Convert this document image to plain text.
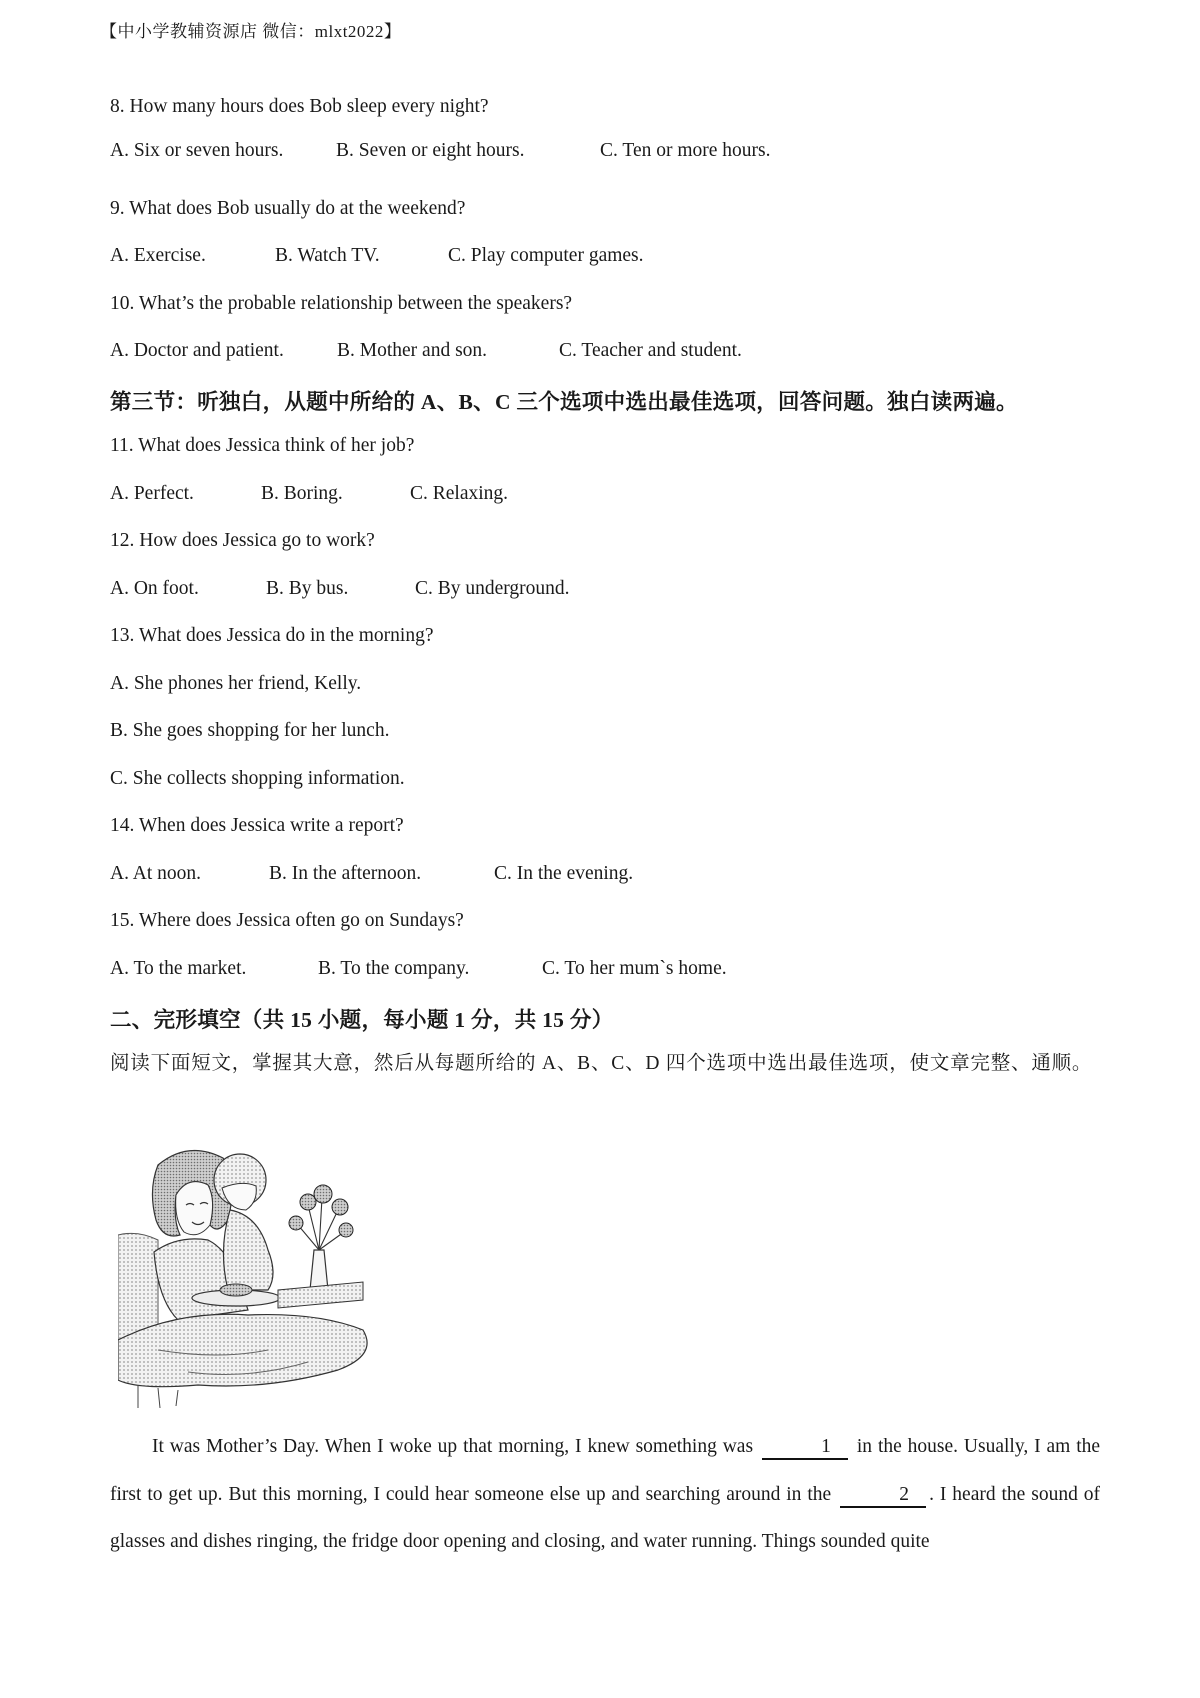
【中小学教辅资源店 微信：mlxt2022】
8. How many hours does Bob sleep every night?
A. Six or seven hours.	B. Seven or eight hours.	C. Ten or more hours.
9. What does Bob usually do at the weekend?
A. Exercise.	B. Watch TV.	C. Play computer games.
10. What’s the probable relationship between the speakers?
A. Doctor and patient.	B. Mother and son.	C. Teacher and student.
第三节：听独白，从题中所给的 A、B、C 三个选项中选出最佳选项，回答问题。独白读两遍。
11. What does Jessica think of her job?
A. Perfect.	B. Boring.	C. Relaxing.
12. How does Jessica go to work?
A. On foot.	B. By bus.	C. By underground.
13. What does Jessica do in the morning?
A. She phones her friend, Kelly.
B. She goes shopping for her lunch.
C. She collects shopping information.
14. When does Jessica write a report?
A. At noon.	B. In the afternoon.	C. In the evening.
15. Where does Jessica often go on Sundays?
A. To the market.	B. To the company.	C. To her mum`s home.
二、完形填空（共 15 小题，每小题 1 分，共 15 分）
阅读下面短文，掌握其大意，然后从每题所给的 A、B、C、D 四个选项中选出最佳选项，使文章完整、通顺。

It was Mother’s Day. When I woke up that morning, I knew something was	1 in the house. Usually, I am the first to get up. But this morning, I could hear someone else up and searching around in the	2 . I heard the sound of glasses and dishes ringing, the fridge door opening and closing, and water running. Things sounded quite
